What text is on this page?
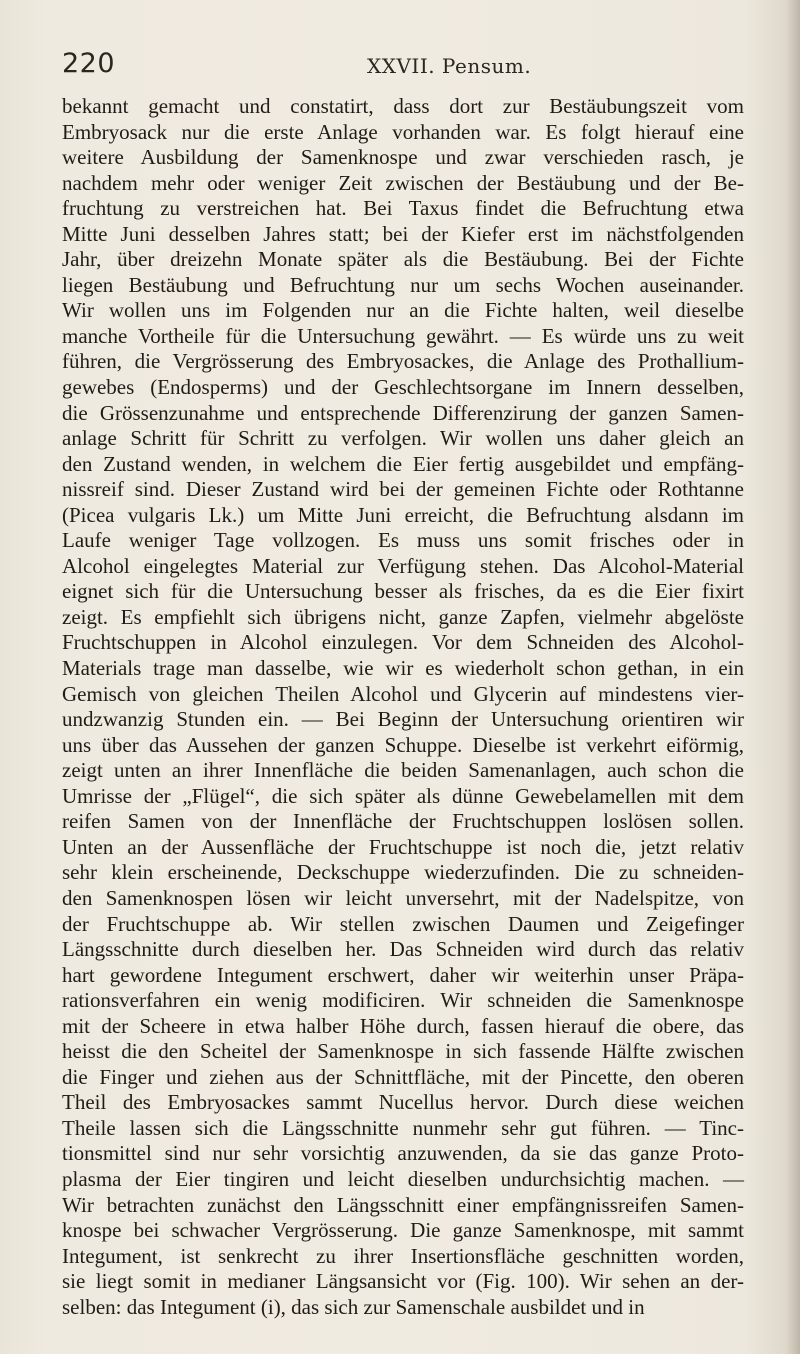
220	XXVII. Pensum.
bekannt gemacht und constatirt, dass dort zur Bestäubungszeit vom
Embryosack nur die erste Anlage vorhanden war. Es folgt hierauf eine
weitere Ausbildung der Samenknospe und zwar verschieden rasch, je
nachdem mehr oder weniger Zeit zwischen der Bestäubung und der Be-
fruchtung zu verstreichen hat. Bei Taxus findet die Befruchtung etwa
Mitte Juni desselben Jahres statt; bei der Kiefer erst im nächstfolgenden
Jahr, über dreizehn Monate später als die Bestäubung. Bei der Fichte
liegen Bestäubung und Befruchtung nur um sechs Wochen auseinander.
Wir wollen uns im Folgenden nur an die Fichte halten, weil dieselbe
manche Vortheile für die Untersuchung gewährt. — Es würde uns zu weit
führen, die Vergrösserung des Embryosackes, die Anlage des Prothallium-
gewebes (Endosperms) und der Geschlechtsorgane im Innern desselben,
die Grössenzunahme und entsprechende Differenzirung der ganzen Samen-
anlage Schritt für Schritt zu verfolgen. Wir wollen uns daher gleich an
den Zustand wenden, in welchem die Eier fertig ausgebildet und empfäng-
nissreif sind. Dieser Zustand wird bei der gemeinen Fichte oder Rothtanne
(Picea vulgaris Lk.) um Mitte Juni erreicht, die Befruchtung alsdann im
Laufe weniger Tage vollzogen. Es muss uns somit frisches oder in
Alcohol eingelegtes Material zur Verfügung stehen. Das Alcohol-Material
eignet sich für die Untersuchung besser als frisches, da es die Eier fixirt
zeigt. Es empfiehlt sich übrigens nicht, ganze Zapfen, vielmehr abgelöste
Fruchtschuppen in Alcohol einzulegen. Vor dem Schneiden des Alcohol-
Materials trage man dasselbe, wie wir es wiederholt schon gethan, in ein
Gemisch von gleichen Theilen Alcohol und Glycerin auf mindestens vier-
undzwanzig Stunden ein. — Bei Beginn der Untersuchung orientiren wir
uns über das Aussehen der ganzen Schuppe. Dieselbe ist verkehrt eiförmig,
zeigt unten an ihrer Innenfläche die beiden Samenanlagen, auch schon die
Umrisse der „Flügel“, die sich später als dünne Gewebelamellen mit dem
reifen Samen von der Innenfläche der Fruchtschuppen loslösen sollen.
Unten an der Aussenfläche der Fruchtschuppe ist noch die, jetzt relativ
sehr klein erscheinende, Deckschuppe wiederzufinden. Die zu schneiden-
den Samenknospen lösen wir leicht unversehrt, mit der Nadelspitze, von
der Fruchtschuppe ab. Wir stellen zwischen Daumen und Zeigefinger
Längsschnitte durch dieselben her. Das Schneiden wird durch das relativ
hart gewordene Integument erschwert, daher wir weiterhin unser Präpa-
rationsverfahren ein wenig modificiren. Wir schneiden die Samenknospe
mit der Scheere in etwa halber Höhe durch, fassen hierauf die obere, das
heisst die den Scheitel der Samenknospe in sich fassende Hälfte zwischen
die Finger und ziehen aus der Schnittfläche, mit der Pincette, den oberen
Theil des Embryosackes sammt Nucellus hervor. Durch diese weichen
Theile lassen sich die Längsschnitte nunmehr sehr gut führen. — Tinc-
tionsmittel sind nur sehr vorsichtig anzuwenden, da sie das ganze Proto-
plasma der Eier tingiren und leicht dieselben undurchsichtig machen. —
Wir betrachten zunächst den Längsschnitt einer empfängnissreifen Samen-
knospe bei schwacher Vergrösserung. Die ganze Samenknospe, mit sammt
Integument, ist senkrecht zu ihrer Insertionsfläche geschnitten worden,
sie liegt somit in medianer Längsansicht vor (Fig. 100). Wir sehen an der-
selben: das Integument (i), das sich zur Samenschale ausbildet und in
